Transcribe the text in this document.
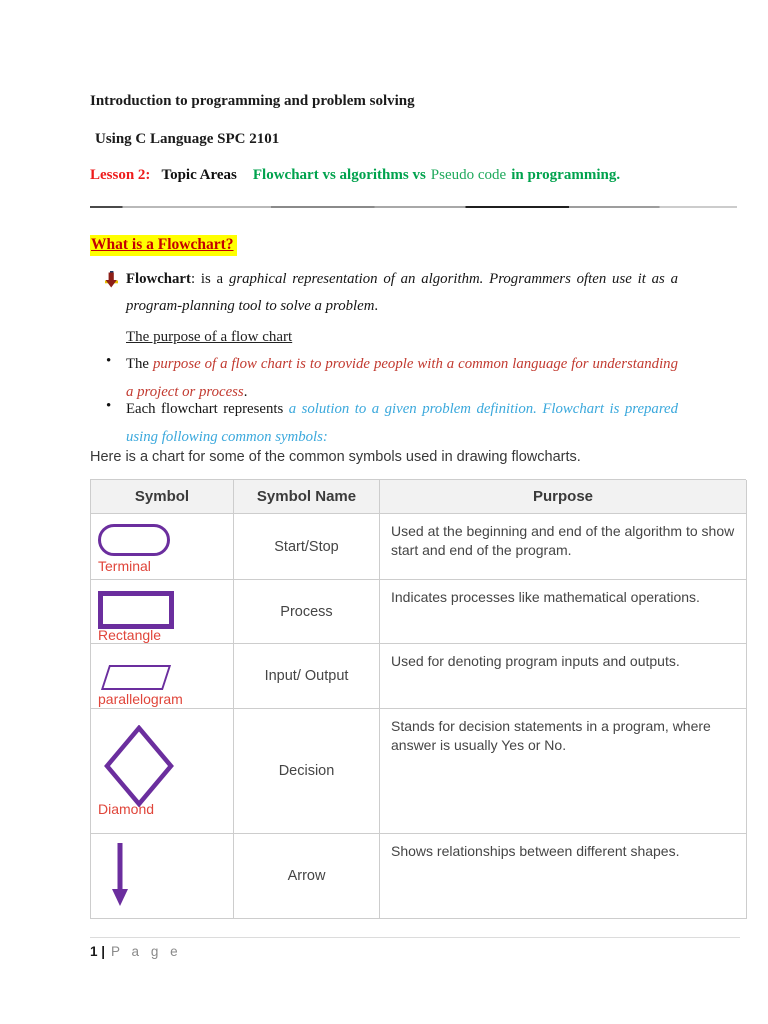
Introduction to programming and problem solving
Using C Language SPC 2101
Lesson 2: Topic Areas Flowchart vs algorithms vs Pseudo code in programming.
What is a Flowchart?
Flowchart: is a graphical representation of an algorithm. Programmers often use it as a program-planning tool to solve a problem.
The purpose of a flow chart
• The purpose of a flow chart is to provide people with a common language for understanding a project or process.
• Each flowchart represents a solution to a given problem definition. Flowchart is prepared using following common symbols:
Here is a chart for some of the common symbols used in drawing flowcharts.
Symbol	Symbol Name	Purpose
Terminal
Start/Stop
Used at the beginning and end of the algorithm to show start and end of the program.
Rectangle
Process
Indicates processes like mathematical operations.
parallelogram
Input/ Output
Used for denoting program inputs and outputs.
Diamond
Decision
Stands for decision statements in a program, where answer is usually Yes or No.
Arrow
Shows relationships between different shapes.
1 | P a g e
